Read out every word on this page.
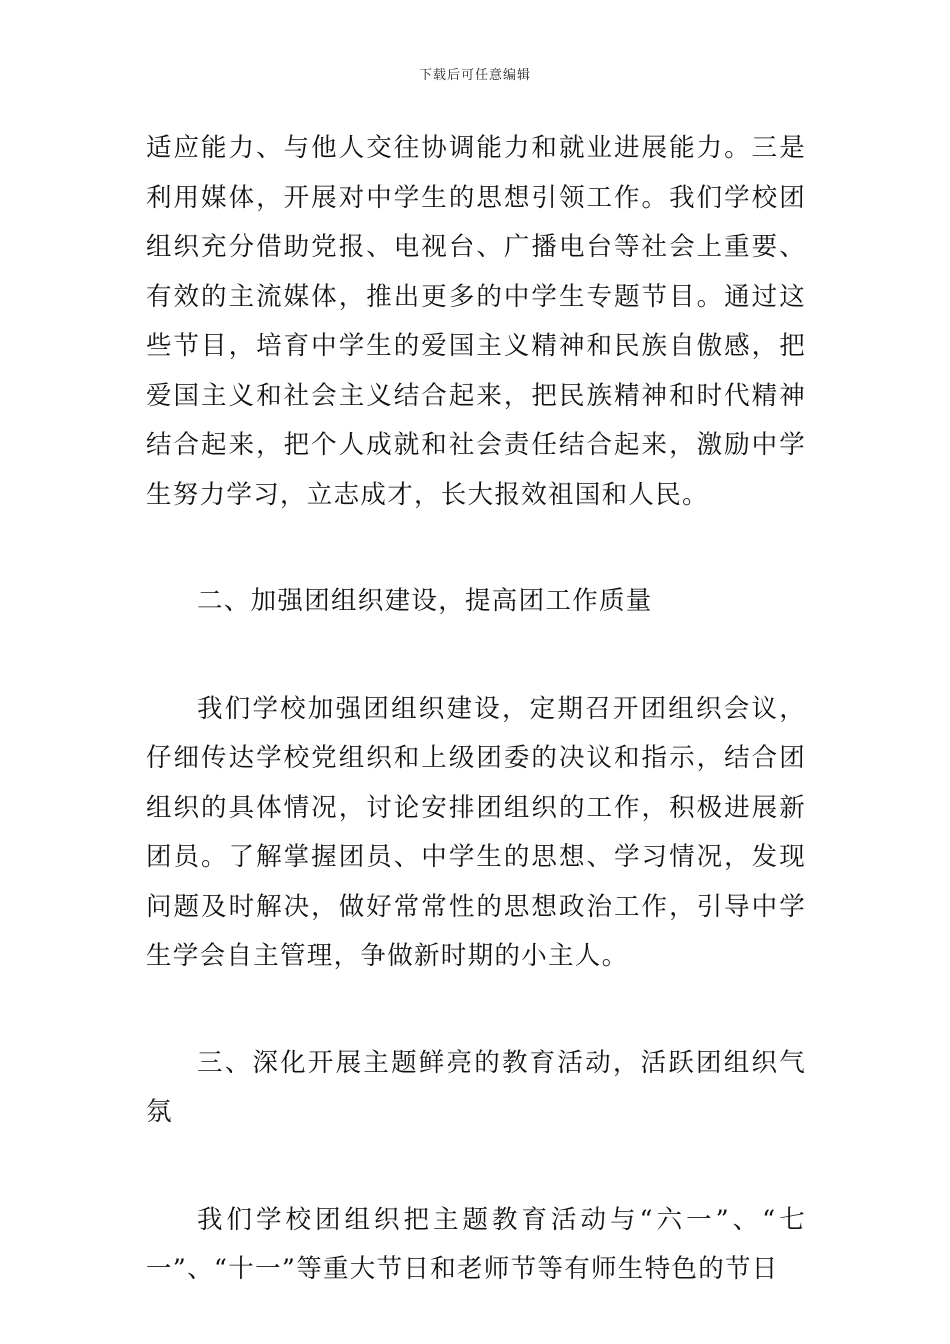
下载后可任意编辑

适应能力、与他人交往协调能力和就业进展能力。三是利用媒体，开展对中学生的思想引领工作。我们学校团组织充分借助党报、电视台、广播电台等社会上重要、有效的主流媒体，推出更多的中学生专题节目。通过这些节目，培育中学生的爱国主义精神和民族自傲感，把爱国主义和社会主义结合起来，把民族精神和时代精神结合起来，把个人成就和社会责任结合起来，激励中学生努力学习，立志成才，长大报效祖国和人民。

二、加强团组织建设，提高团工作质量

我们学校加强团组织建设，定期召开团组织会议，仔细传达学校党组织和上级团委的决议和指示，结合团组织的具体情况，讨论安排团组织的工作，积极进展新团员。了解掌握团员、中学生的思想、学习情况，发现问题及时解决，做好常常性的思想政治工作，引导中学生学会自主管理，争做新时期的小主人。

三、深化开展主题鲜亮的教育活动，活跃团组织气氛

我们学校团组织把主题教育活动与“六一”、“七一”、“十一”等重大节日和老师节等有师生特色的节日
